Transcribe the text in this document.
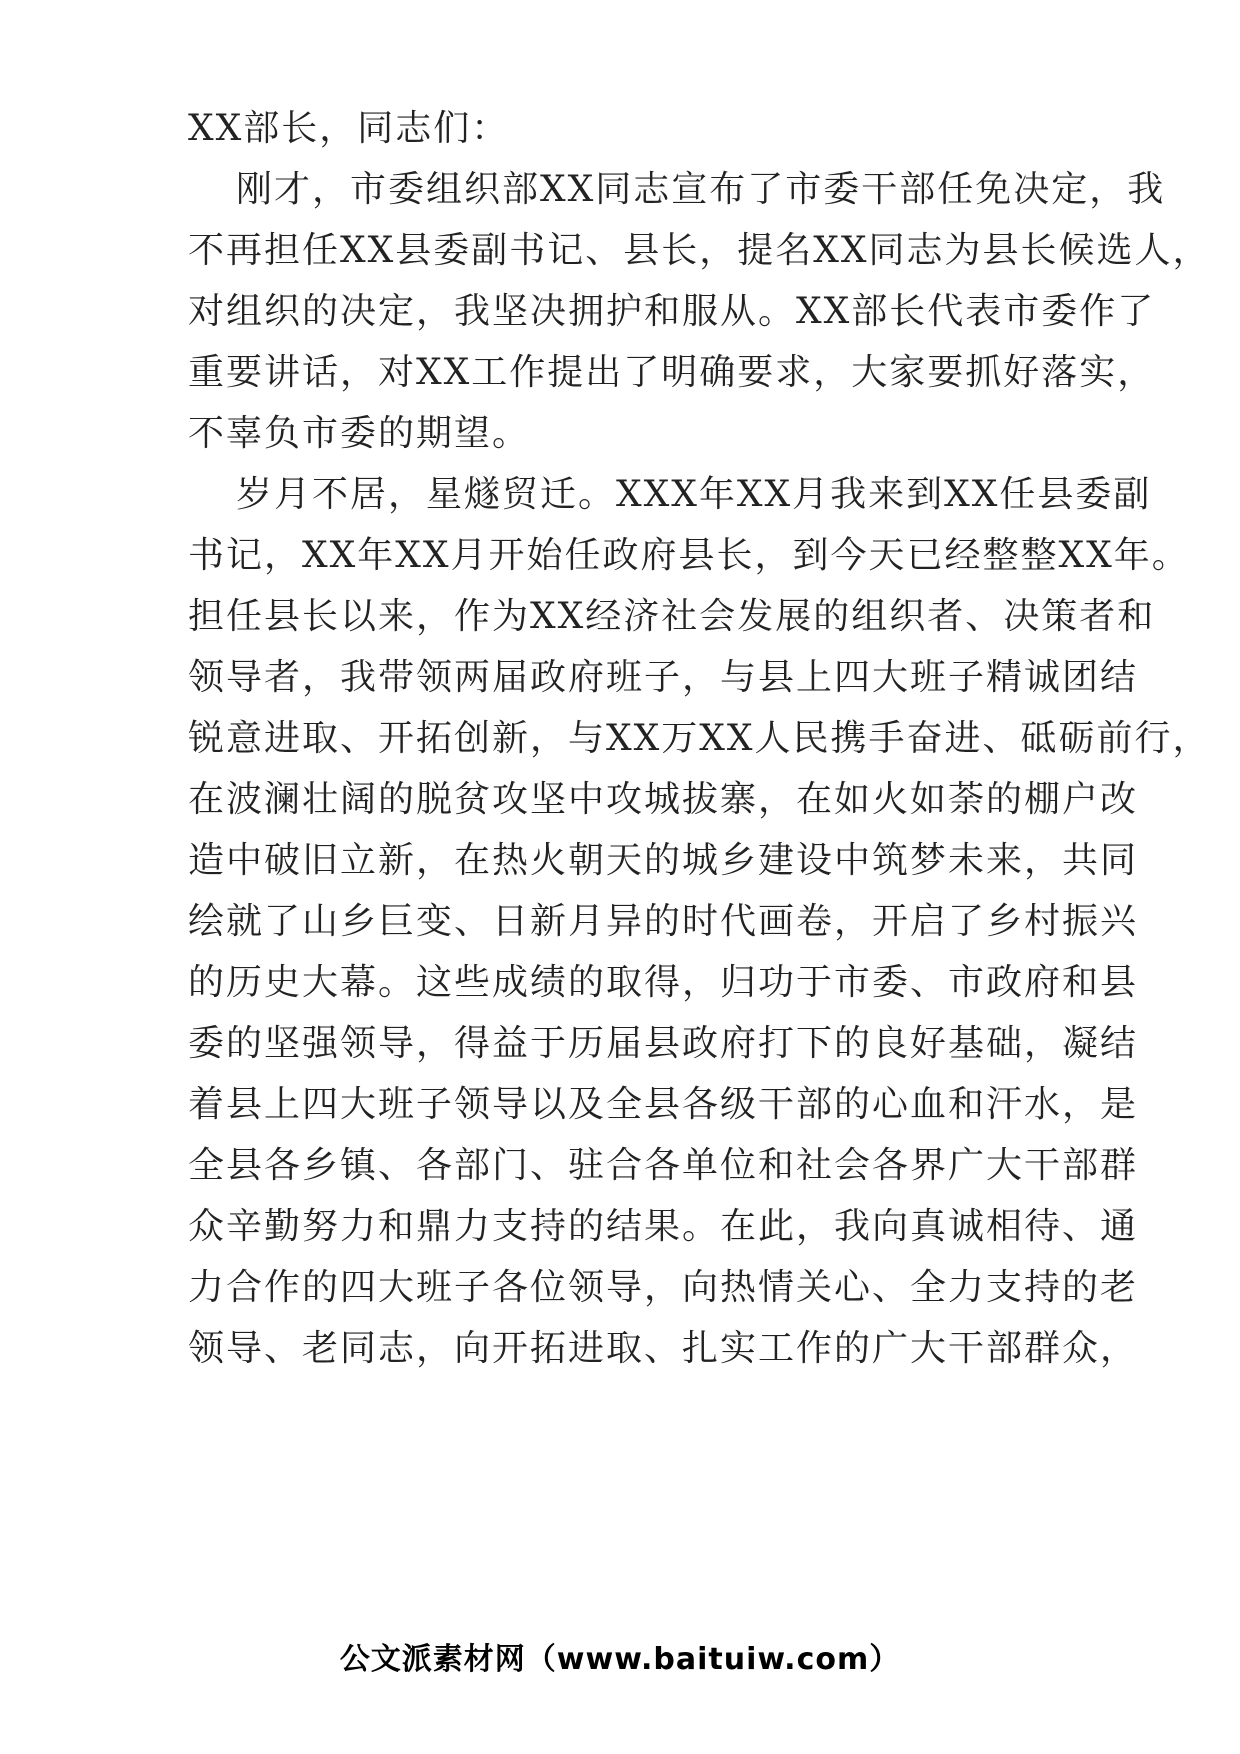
XX部长，同志们：
刚才，市委组织部XX同志宣布了市委干部任免决定，我
不再担任XX县委副书记、县长，提名XX同志为县长候选人，
对组织的决定，我坚决拥护和服从。XX部长代表市委作了
重要讲话，对XX工作提出了明确要求，大家要抓好落实，
不辜负市委的期望。
岁月不居，星燧贸迁。XXX年XX月我来到XX任县委副
书记，XX年XX月开始任政府县长，到今天已经整整XX年。
担任县长以来，作为XX经济社会发展的组织者、决策者和
领导者，我带领两届政府班子，与县上四大班子精诚团结
锐意进取、开拓创新，与XX万XX人民携手奋进、砥砺前行，
在波澜壮阔的脱贫攻坚中攻城拔寨，在如火如荼的棚户改
造中破旧立新，在热火朝天的城乡建设中筑梦未来，共同
绘就了山乡巨变、日新月异的时代画卷，开启了乡村振兴
的历史大幕。这些成绩的取得，归功于市委、市政府和县
委的坚强领导，得益于历届县政府打下的良好基础，凝结
着县上四大班子领导以及全县各级干部的心血和汗水，是
全县各乡镇、各部门、驻合各单位和社会各界广大干部群
众辛勤努力和鼎力支持的结果。在此，我向真诚相待、通
力合作的四大班子各位领导，向热情关心、全力支持的老
领导、老同志，向开拓进取、扎实工作的广大干部群众，
公文派素材网（www.baituiw.com）
